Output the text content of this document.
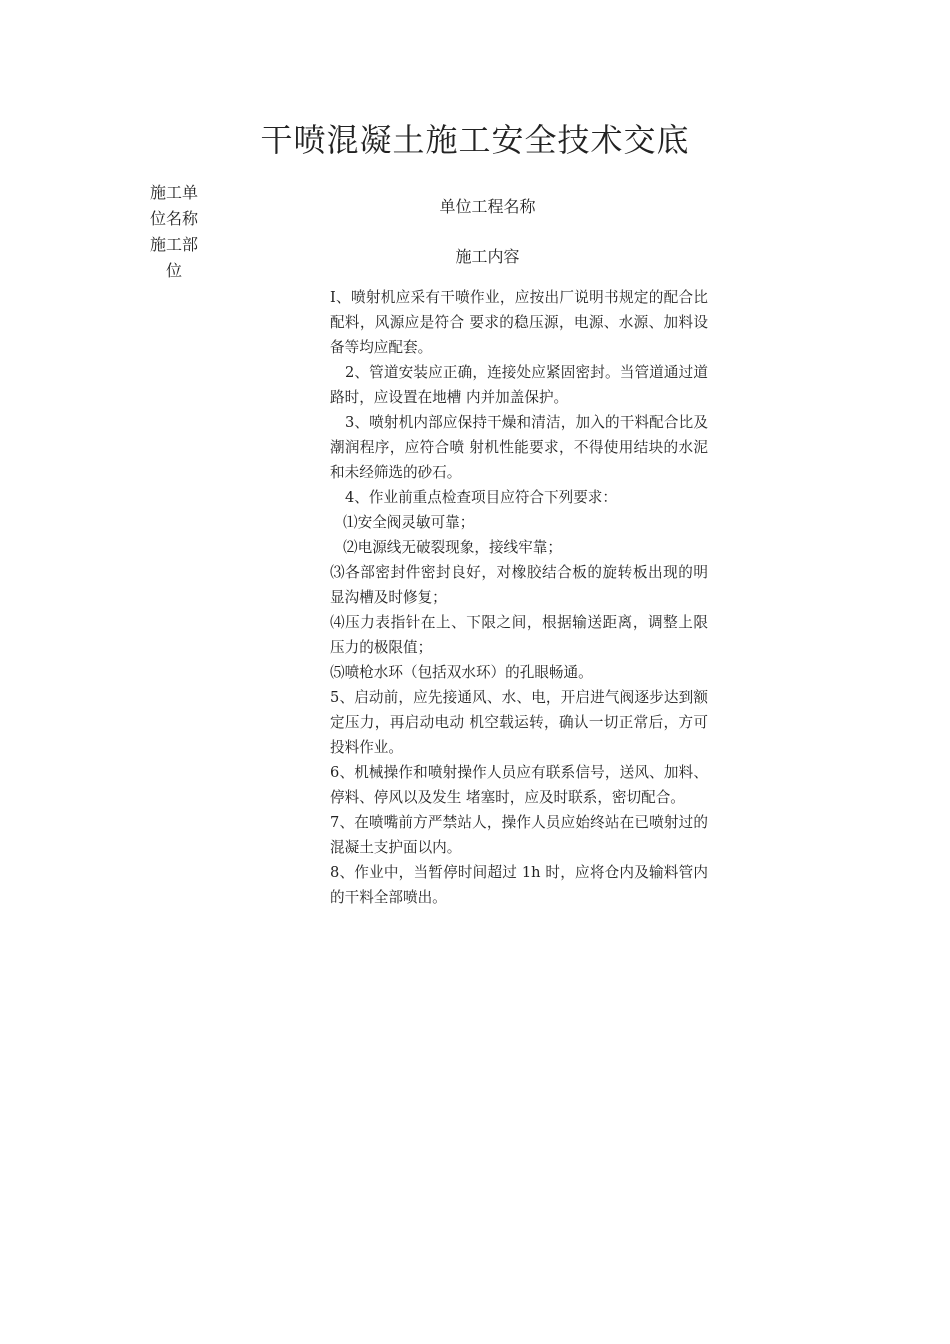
干喷混凝土施工安全技术交底
施工单
位名称
施工部
位
单位工程名称
施工内容

I、喷射机应采有干喷作业，应按出厂说明书规定的配合比配料，风源应是符合 要求的稳压源，电源、水源、加料设备等均应配套。

2、管道安装应正确，连接处应紧固密封。当管道通过道路时，应设置在地槽 内并加盖保护。

3、喷射机内部应保持干燥和清洁，加入的干料配合比及潮润程序，应符合喷 射机性能要求，不得使用结块的水泥和未经筛选的砂石。

4、作业前重点检查项目应符合下列要求：

⑴安全阀灵敏可靠；

⑵电源线无破裂现象，接线牢靠；

⑶各部密封件密封良好，对橡胶结合板的旋转板出现的明显沟槽及时修复；

⑷压力表指针在上、下限之间，根据输送距离，调整上限压力的极限值；

⑸喷枪水环（包括双水环）的孔眼畅通。

5、启动前，应先接通风、水、电，开启进气阀逐步达到额定压力，再启动电动 机空载运转，确认一切正常后，方可投料作业。

6、机械操作和喷射操作人员应有联系信号，送风、加料、停料、停风以及发生 堵塞时，应及时联系，密切配合。

7、在喷嘴前方严禁站人，操作人员应始终站在已喷射过的混凝土支护面以内。

8、作业中，当暂停时间超过 1h 时，应将仓内及输料管内的干料全部喷出。
